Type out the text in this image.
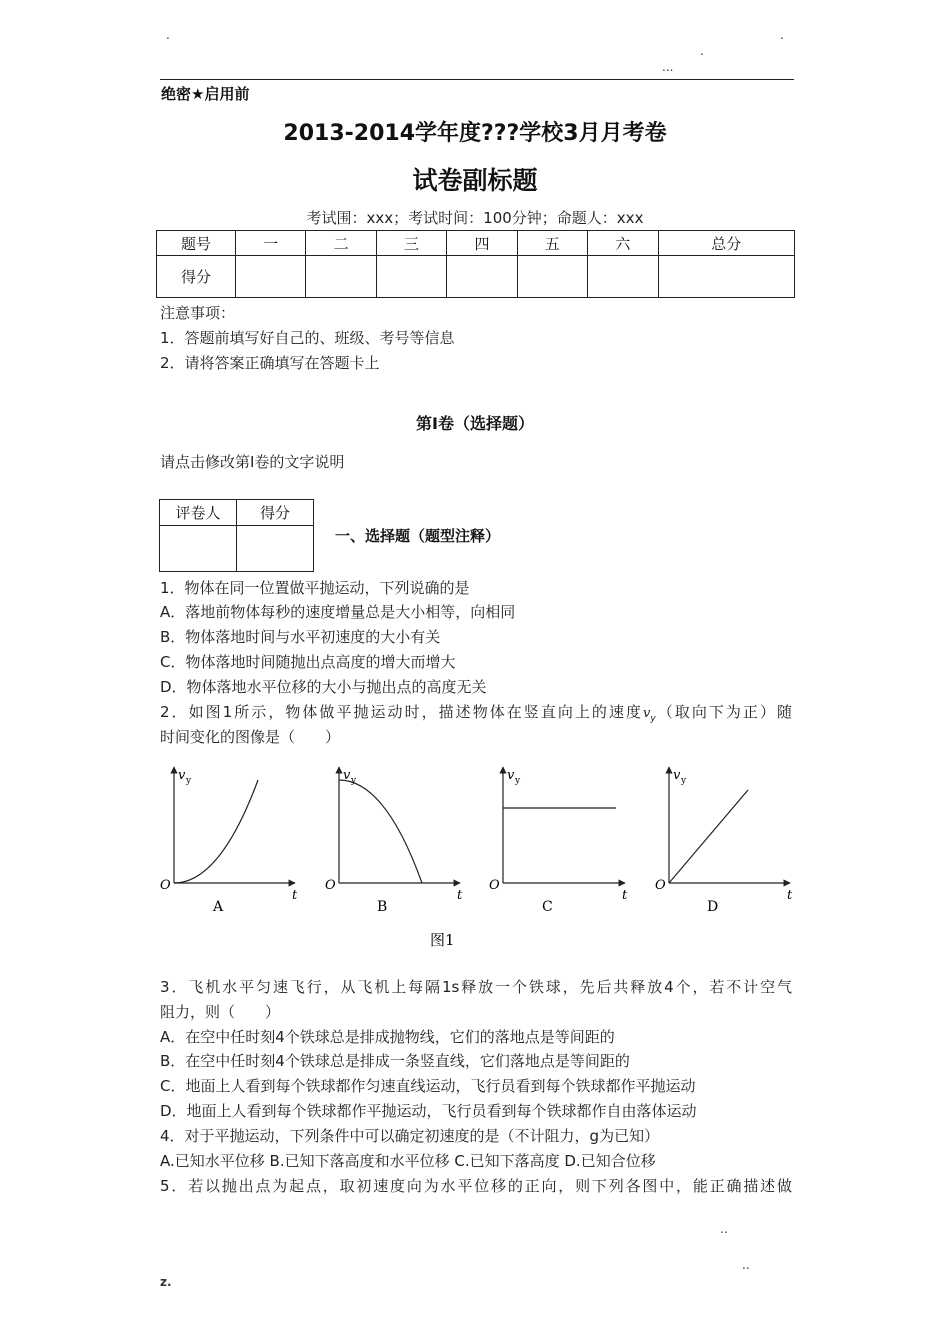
.
.
.
...
绝密★启用前
2013-2014学年度???学校3月月考卷
试卷副标题
考试围：xxx；考试时间：100分钟；命题人：xxx
题号	一	二	三	四	五	六	总分
得分							
注意事项：
1．答题前填写好自己的、班级、考号等信息
2．请将答案正确填写在答题卡上
第I卷（选择题）
请点击修改第I卷的文字说明
评卷人	得分

一、选择题（题型注释）
1．物体在同一位置做平抛运动，下列说确的是
A．落地前物体每秒的速度增量总是大小相等，向相同
B．物体落地时间与水平初速度的大小有关
C．物体落地时间随抛出点高度的增大而增大
D．物体落地水平位移的大小与抛出点的高度无关
2．如图1所示，物体做平抛运动时，描述物体在竖直向上的速度$v_y$（取向下为正）随
时间变化的图像是（　　）
v y
O
t
A
v y
O
t
B
v y
O
t
C
v y
O
t
D
图1
3．飞机水平匀速飞行，从飞机上每隔1s释放一个铁球，先后共释放4个，若不计空气
阻力，则（　　）
A．在空中任时刻4个铁球总是排成抛物线，它们的落地点是等间距的
B．在空中任时刻4个铁球总是排成一条竖直线，它们落地点是等间距的
C．地面上人看到每个铁球都作匀速直线运动，飞行员看到每个铁球都作平抛运动
D．地面上人看到每个铁球都作平抛运动，飞行员看到每个铁球都作自由落体运动
4．对于平抛运动，下列条件中可以确定初速度的是（不计阻力，g为已知）
A.已知水平位移 B.已知下落高度和水平位移 C.已知下落高度 D.已知合位移
5．若以抛出点为起点，取初速度向为水平位移的正向，则下列各图中，能正确描述做
..
..
z.
